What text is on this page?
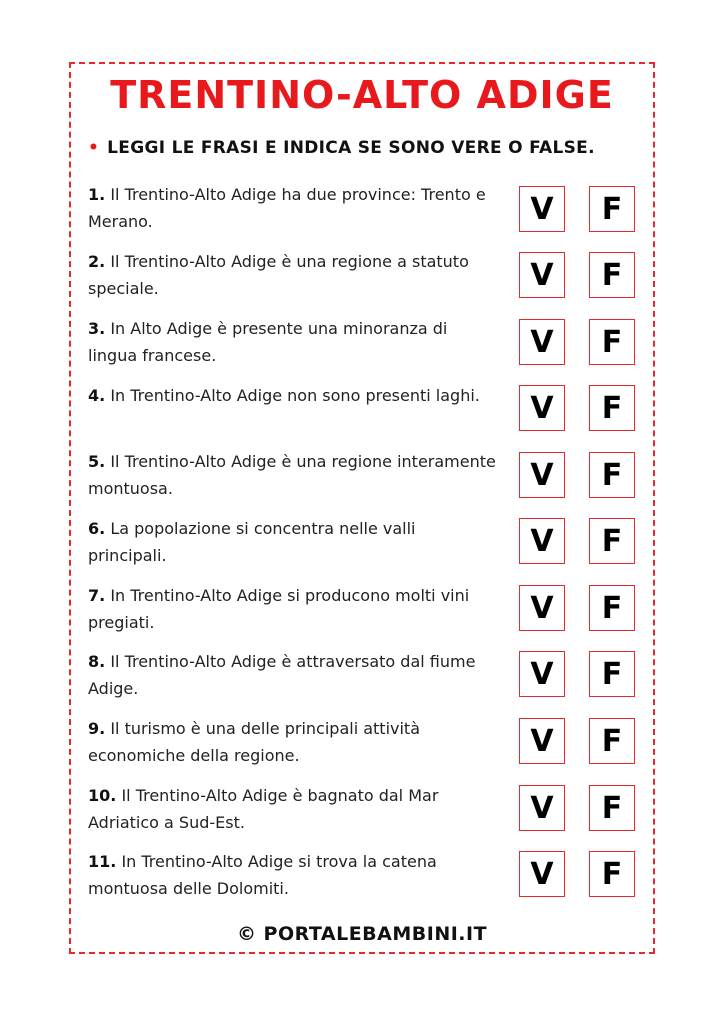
TRENTINO-ALTO ADIGE
• LEGGI LE FRASI E INDICA SE SONO VERE O FALSE.
1. Il Trentino-Alto Adige ha due province: Trento e Merano.	V	F
2. Il Trentino-Alto Adige è una regione a statuto speciale.	V	F
3. In Alto Adige è presente una minoranza di lingua francese.	V	F
4. In Trentino-Alto Adige non sono presenti laghi.	V	F
5. Il Trentino-Alto Adige è una regione interamente montuosa.	V	F
6. La popolazione si concentra nelle valli principali.	V	F
7. In Trentino-Alto Adige si producono molti vini pregiati.	V	F
8. Il Trentino-Alto Adige è attraversato dal fiume Adige.	V	F
9. Il turismo è una delle principali attività economiche della regione.	V	F
10. Il Trentino-Alto Adige è bagnato dal Mar Adriatico a Sud-Est.	V	F
11. In Trentino-Alto Adige si trova la catena montuosa delle Dolomiti.	V	F
© PORTALEBAMBINI.IT
